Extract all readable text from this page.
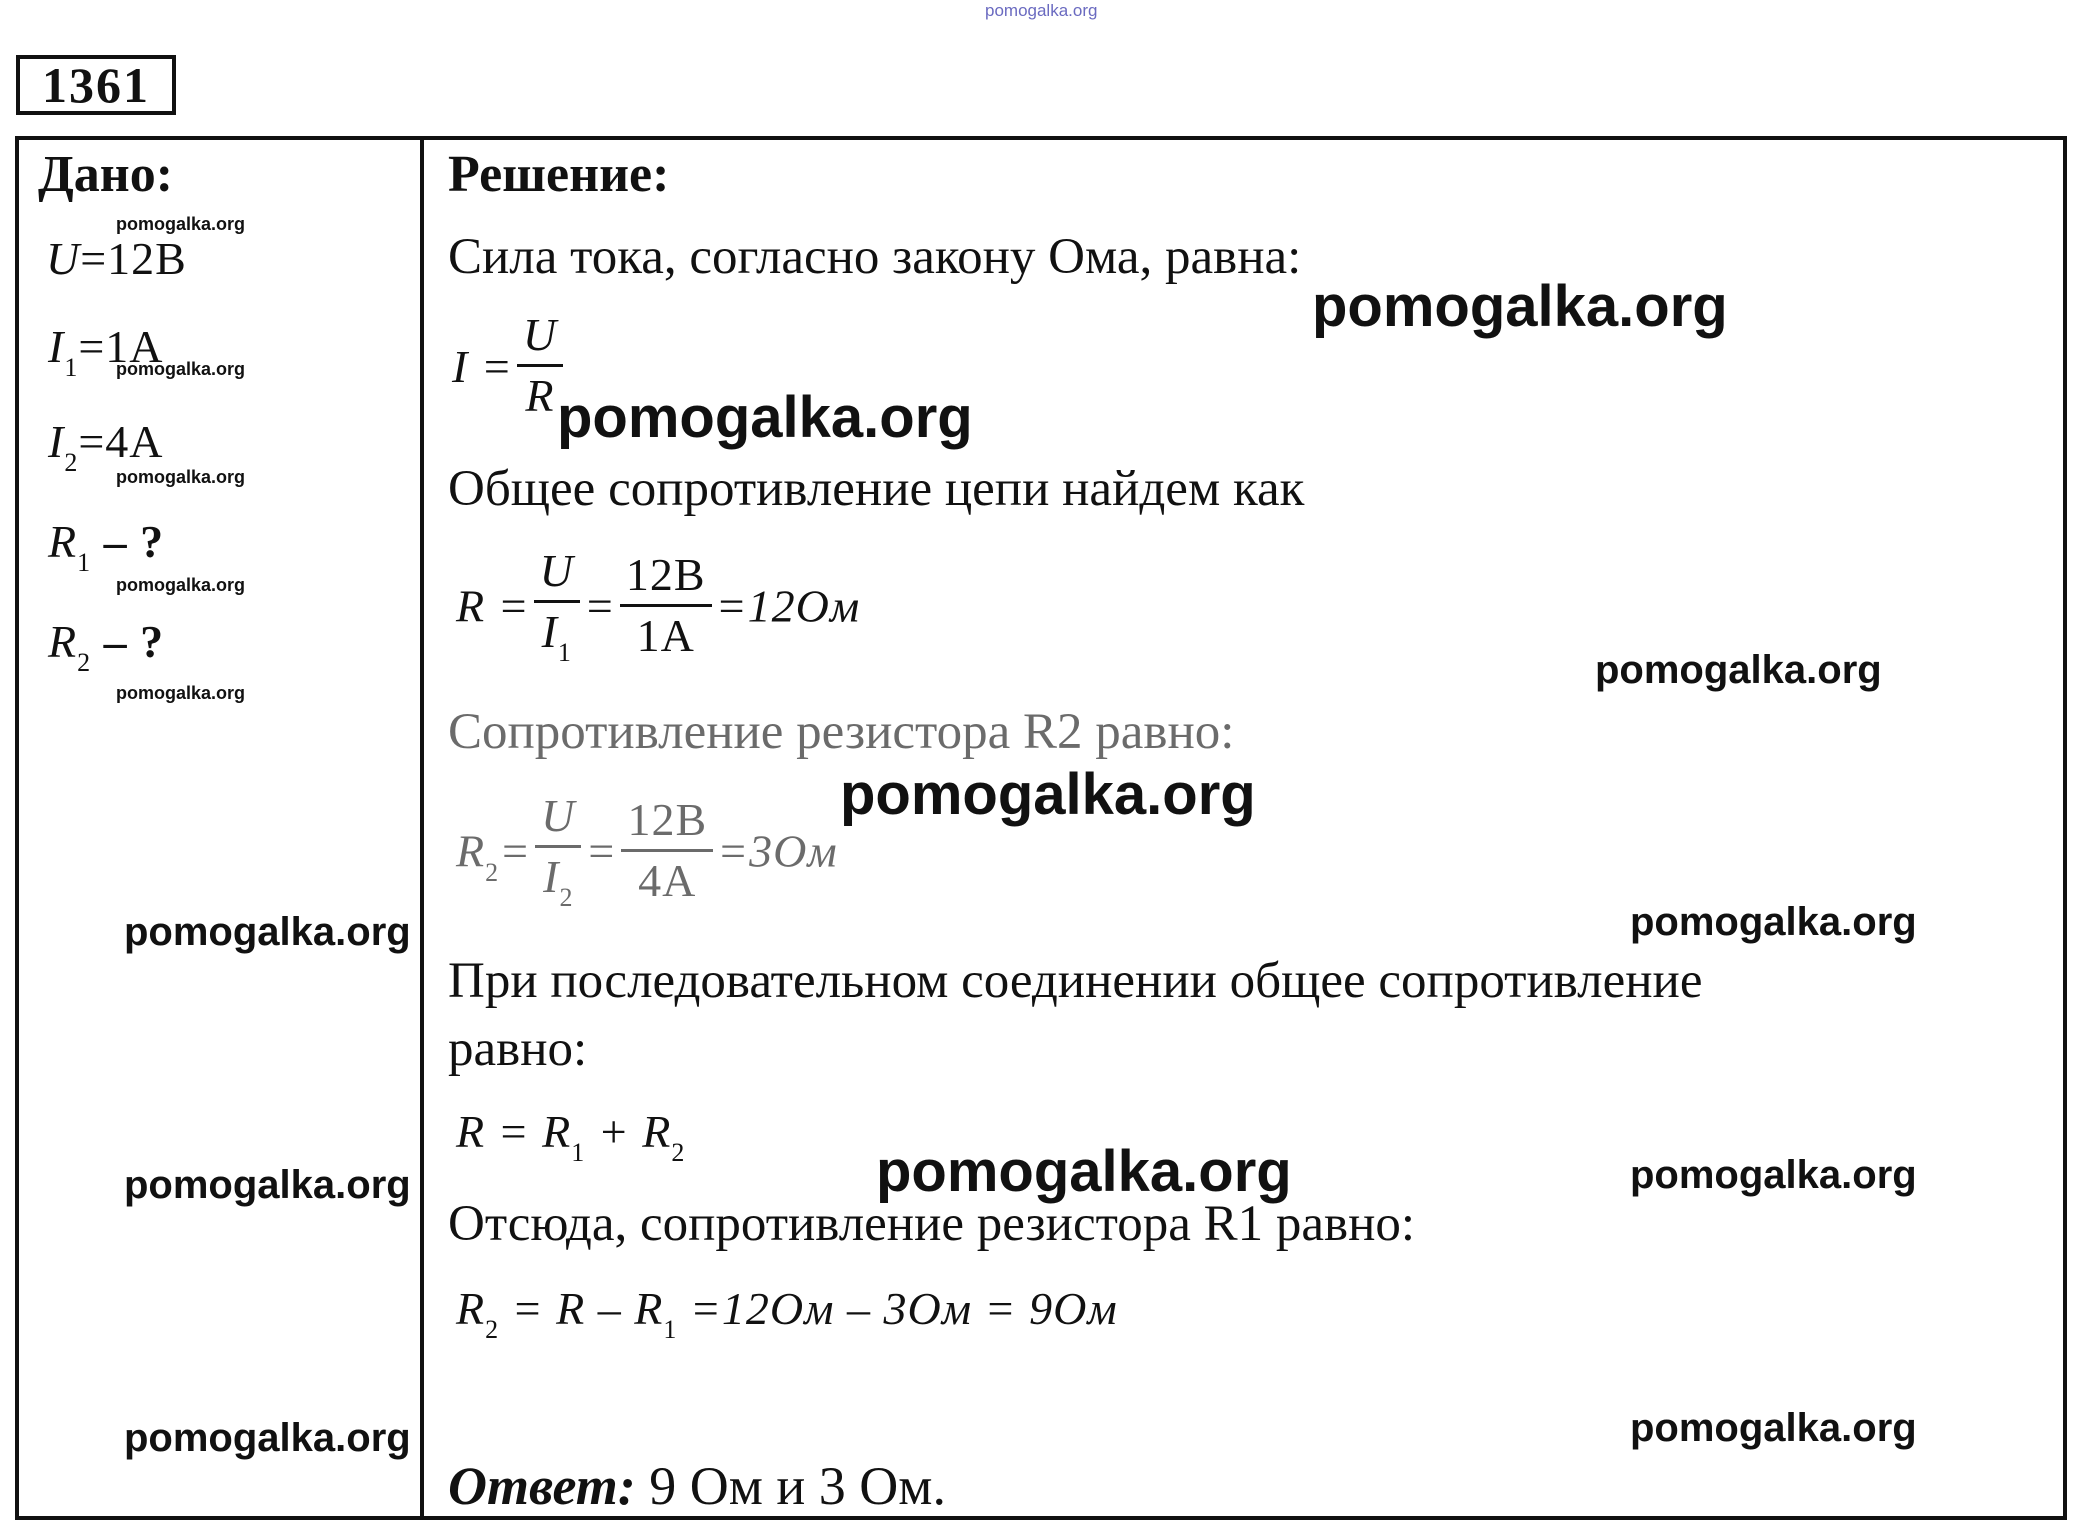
pomogalka.org
1361
Дано:
pomogalka.org
U=12B
$I_1=1A$
pomogalka.org
$I_2=4A$
pomogalka.org
$R_1$ – ?
pomogalka.org
$R_2$ – ?
pomogalka.org
pomogalka.org
pomogalka.org
pomogalka.org
Решение:
Сила тока, согласно закону Ома, равна:
pomogalka.org
$I = \frac{U}{R}$
pomogalka.org
Общее сопротивление цепи найдем как
$R = \frac{U}{I_1} = \frac{12B}{1A} =12Ом$
pomogalka.org
Сопротивление резистора R2 равно:
pomogalka.org
$R_2= \frac{U}{I_2} = \frac{12B}{4A} =3Ом$
pomogalka.org
При последовательном соединении общее сопротивление
равно:
$R = R_1 + R_2$	pomogalka.org	pomogalka.org
Отсюда, сопротивление резистора R1 равно:
$R_2 = R - R_1 =12Ом - 3Ом = 9Ом$
pomogalka.org
Ответ: 9 Ом и 3 Ом.
